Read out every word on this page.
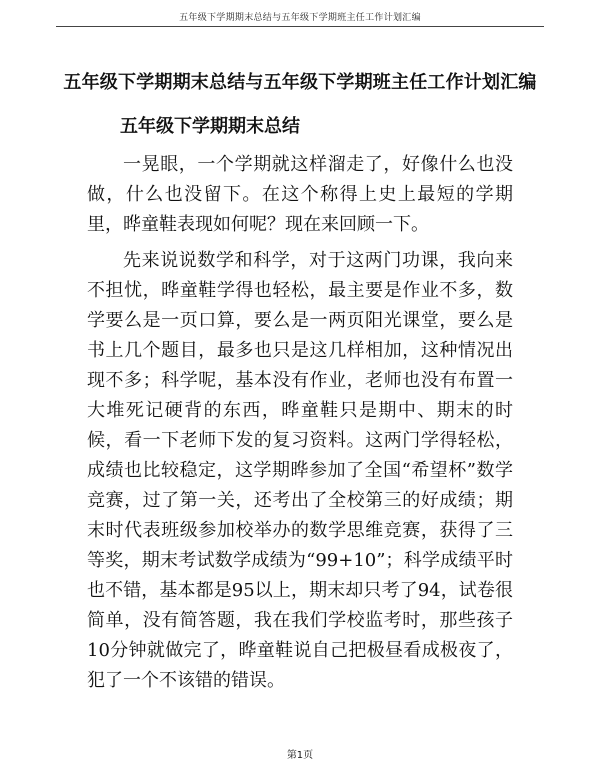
五年级下学期期末总结与五年级下学期班主任工作计划汇编
五年级下学期期末总结与五年级下学期班主任工作计划汇编
五年级下学期期末总结

一晃眼，一个学期就这样溜走了，好像什么也没做，什么也没留下。在这个称得上史上最短的学期里，晔童鞋表现如何呢？现在来回顾一下。

先来说说数学和科学，对于这两门功课，我向来不担忧，晔童鞋学得也轻松，最主要是作业不多，数学要么是一页口算，要么是一两页阳光课堂，要么是书上几个题目，最多也只是这几样相加，这种情况出现不多；科学呢，基本没有作业，老师也没有布置一大堆死记硬背的东西，晔童鞋只是期中、期末的时候，看一下老师下发的复习资料。这两门学得轻松，成绩也比较稳定，这学期晔参加了全国“希望杯”数学竞赛，过了第一关，还考出了全校第三的好成绩；期末时代表班级参加校举办的数学思维竞赛，获得了三等奖，期末考试数学成绩为“99+10”；科学成绩平时也不错，基本都是95以上，期末却只考了94，试卷很简单，没有简答题，我在我们学校监考时，那些孩子10分钟就做完了，晔童鞋说自己把极昼看成极夜了，犯了一个不该错的错误。

第1页
